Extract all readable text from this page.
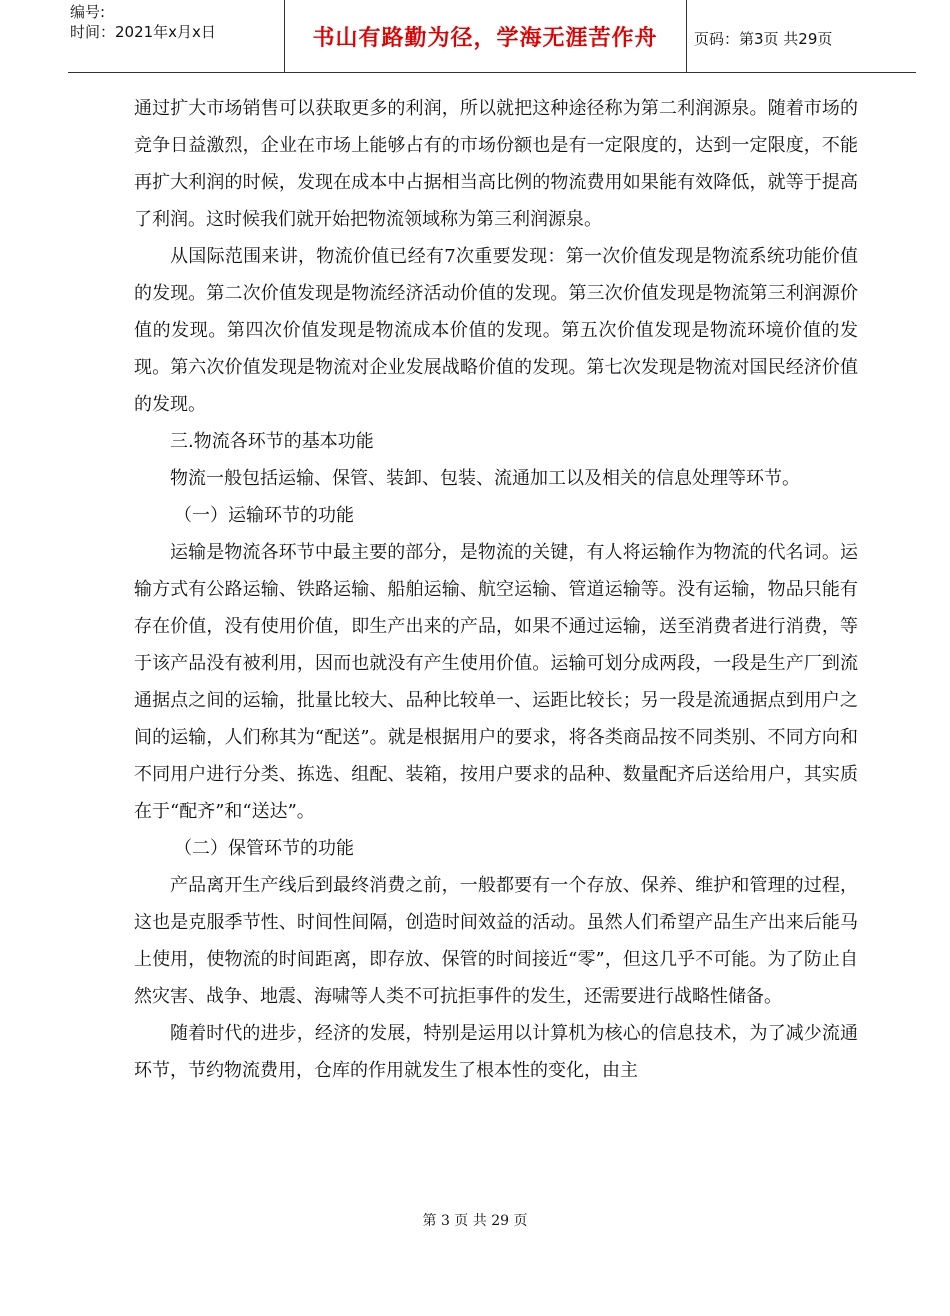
编号:
时间：2021年x月x日	书山有路勤为径，学海无涯苦作舟	页码：第3页 共29页

通过扩大市场销售可以获取更多的利润，所以就把这种途径称为第二利润源泉。随着市场的竞争日益激烈，企业在市场上能够占有的市场份额也是有一定限度的，达到一定限度，不能再扩大利润的时候，发现在成本中占据相当高比例的物流费用如果能有效降低，就等于提高了利润。这时候我们就开始把物流领域称为第三利润源泉。

从国际范围来讲，物流价值已经有7次重要发现：第一次价值发现是物流系统功能价值的发现。第二次价值发现是物流经济活动价值的发现。第三次价值发现是物流第三利润源价值的发现。第四次价值发现是物流成本价值的发现。第五次价值发现是物流环境价值的发现。第六次价值发现是物流对企业发展战略价值的发现。第七次发现是物流对国民经济价值的发现。

三.物流各环节的基本功能

物流一般包括运输、保管、装卸、包装、流通加工以及相关的信息处理等环节。

（一）运输环节的功能

运输是物流各环节中最主要的部分，是物流的关键，有人将运输作为物流的代名词。运输方式有公路运输、铁路运输、船舶运输、航空运输、管道运输等。没有运输，物品只能有存在价值，没有使用价值，即生产出来的产品，如果不通过运输，送至消费者进行消费，等于该产品没有被利用，因而也就没有产生使用价值。运输可划分成两段，一段是生产厂到流通据点之间的运输，批量比较大、品种比较单一、运距比较长；另一段是流通据点到用户之间的运输，人们称其为“配送”。就是根据用户的要求，将各类商品按不同类别、不同方向和不同用户进行分类、拣选、组配、装箱，按用户要求的品种、数量配齐后送给用户，其实质在于“配齐”和“送达”。

（二）保管环节的功能

产品离开生产线后到最终消费之前，一般都要有一个存放、保养、维护和管理的过程，这也是克服季节性、时间性间隔，创造时间效益的活动。虽然人们希望产品生产出来后能马上使用，使物流的时间距离，即存放、保管的时间接近“零”，但这几乎不可能。为了防止自然灾害、战争、地震、海啸等人类不可抗拒事件的发生，还需要进行战略性储备。

随着时代的进步，经济的发展，特别是运用以计算机为核心的信息技术，为了减少流通环节，节约物流费用，仓库的作用就发生了根本性的变化，由主

第 3 页 共 29 页
